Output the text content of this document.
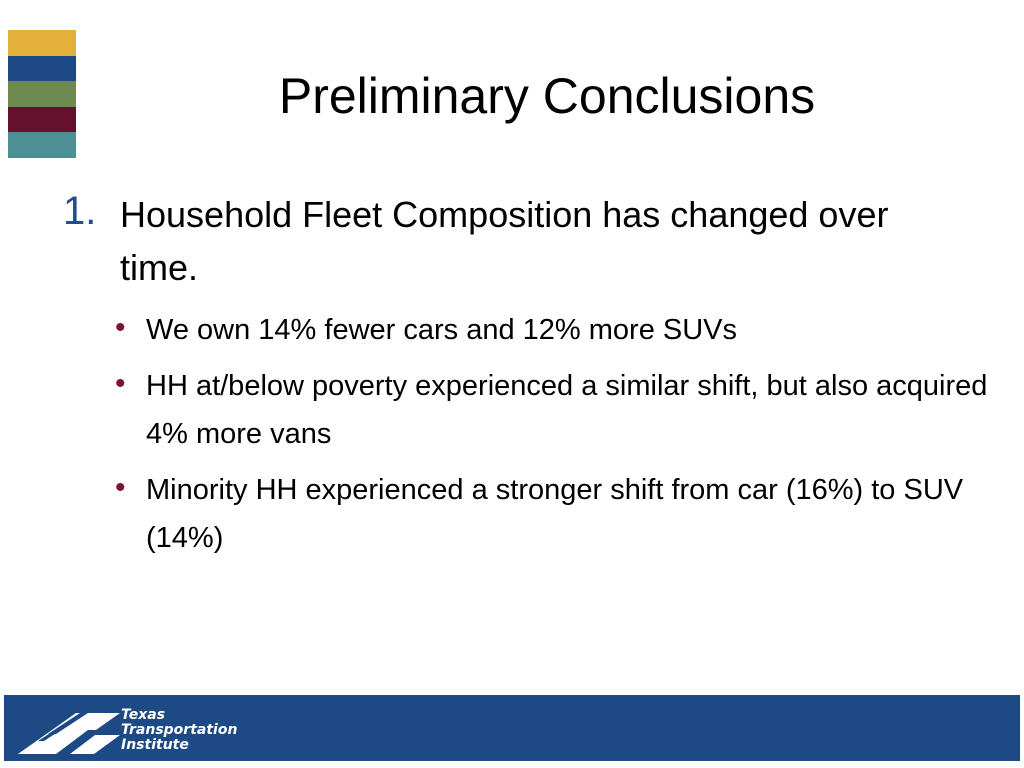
Preliminary Conclusions
1. Household Fleet Composition has changed over time.
• We own 14% fewer cars and 12% more SUVs
• HH at/below poverty experienced a similar shift, but also acquired 4% more vans
• Minority HH experienced a stronger shift from car (16%) to SUV (14%)
Texas
Transportation
Institute
